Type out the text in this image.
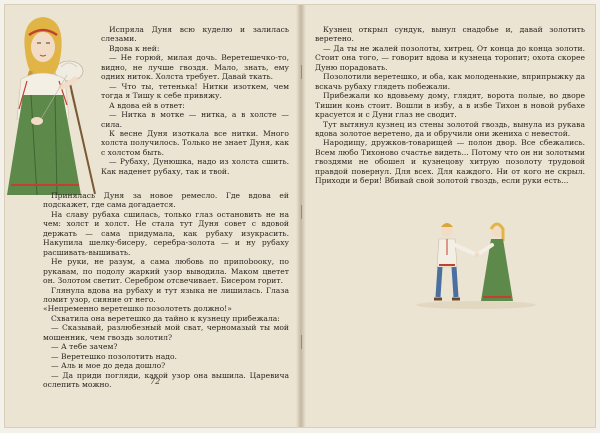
Испряла Дуня всю куделю и залилась слезами.

Вдова к ней:

— Не горюй, милая дочь. Веретешечко-то, видно, не лучше гвоздя. Мало, знать, ему одних ниток. Холста требует. Давай ткать.

— Что ты, тетенька! Нитки изоткем, чем тогда я Тишу к себе привяжу.

А вдова ей в ответ:

— Нитка в мотке — нитка, а в холсте — сила.

К весне Дуня изоткала все нитки. Много холста получилось. Только не знает Дуня, как с холстом быть.

— Рубаху, Дунюшка, надо из холста сшить. Как наденет рубаху, так и твой.

Принялась Дуня за новое ремесло. Где вдова ей подскажет, где сама догадается.

На славу рубаха сшилась, только глаз остановить не на чем: холст и холст. Не стала тут Дуня совет с вдовой держать — сама придумала, как рубаху изукрасить. Накупила шелку-бисеру, серебра-золота — и ну рубаху расшивать-вышивать.

Не руки, не разум, а сама любовь по припоbooку, по рукавам, по подолу жаркий узор выводила. Маком цветет он. Золотом светит. Серебром отсвечивает. Бисером горит.

Глянула вдова на рубаху и тут языка не лишилась. Глаза ломит узор, сияние от него.

«Непременно веретешко позолотеть должно!»

Схватила она веретешко да тайно к кузнецу прибежала:

— Сказывай, разлюбезный мой сват, черномазый ты мой мошенник, чем гвоздь золотил?

— А тебе зачем?

— Веретешко позолотить надо.

— Аль и мое до деда дошло?

— Да приди погляди, какой узор она вышила. Царевича ослепить можно.	72

Кузнец открыл сундук, вынул снадобье и, давай золотить веретено.

— Да ты не жалей позолоты, хитрец. От конца до конца золоти. Стоит она того, — говорит вдова и кузнеца торопит; охота скорее Дуню порадовать.

Позолотили веретешко, и оба, как молоденькие, вприпрыжку да вскачь рубаху глядеть побежали.

Прибежали ко вдовьему дому, глядят, ворота полые, во дворе Тишин конь стоит. Вошли в избу, а в избе Тихон в новой рубахе красуется и с Дуни глаз не сводит.

Тут вытянул кузнец из стены золотой гвоздь, вынула из рукава вдова золотое веретено, да и обручили они жениха с невестой.

Народищу, дружков-товарищей — полон двор. Все сбежались. Всем любо Тихоново счастье видеть... Потому что он ни золотыми гвоздями не обошел и кузнецову хитрую позолоту трудовой правдой повернул. Для всех. Для каждого. Ни от кого не скрыл. Приходи и бери! Вбивай свой золотой гвоздь, если руки есть...
